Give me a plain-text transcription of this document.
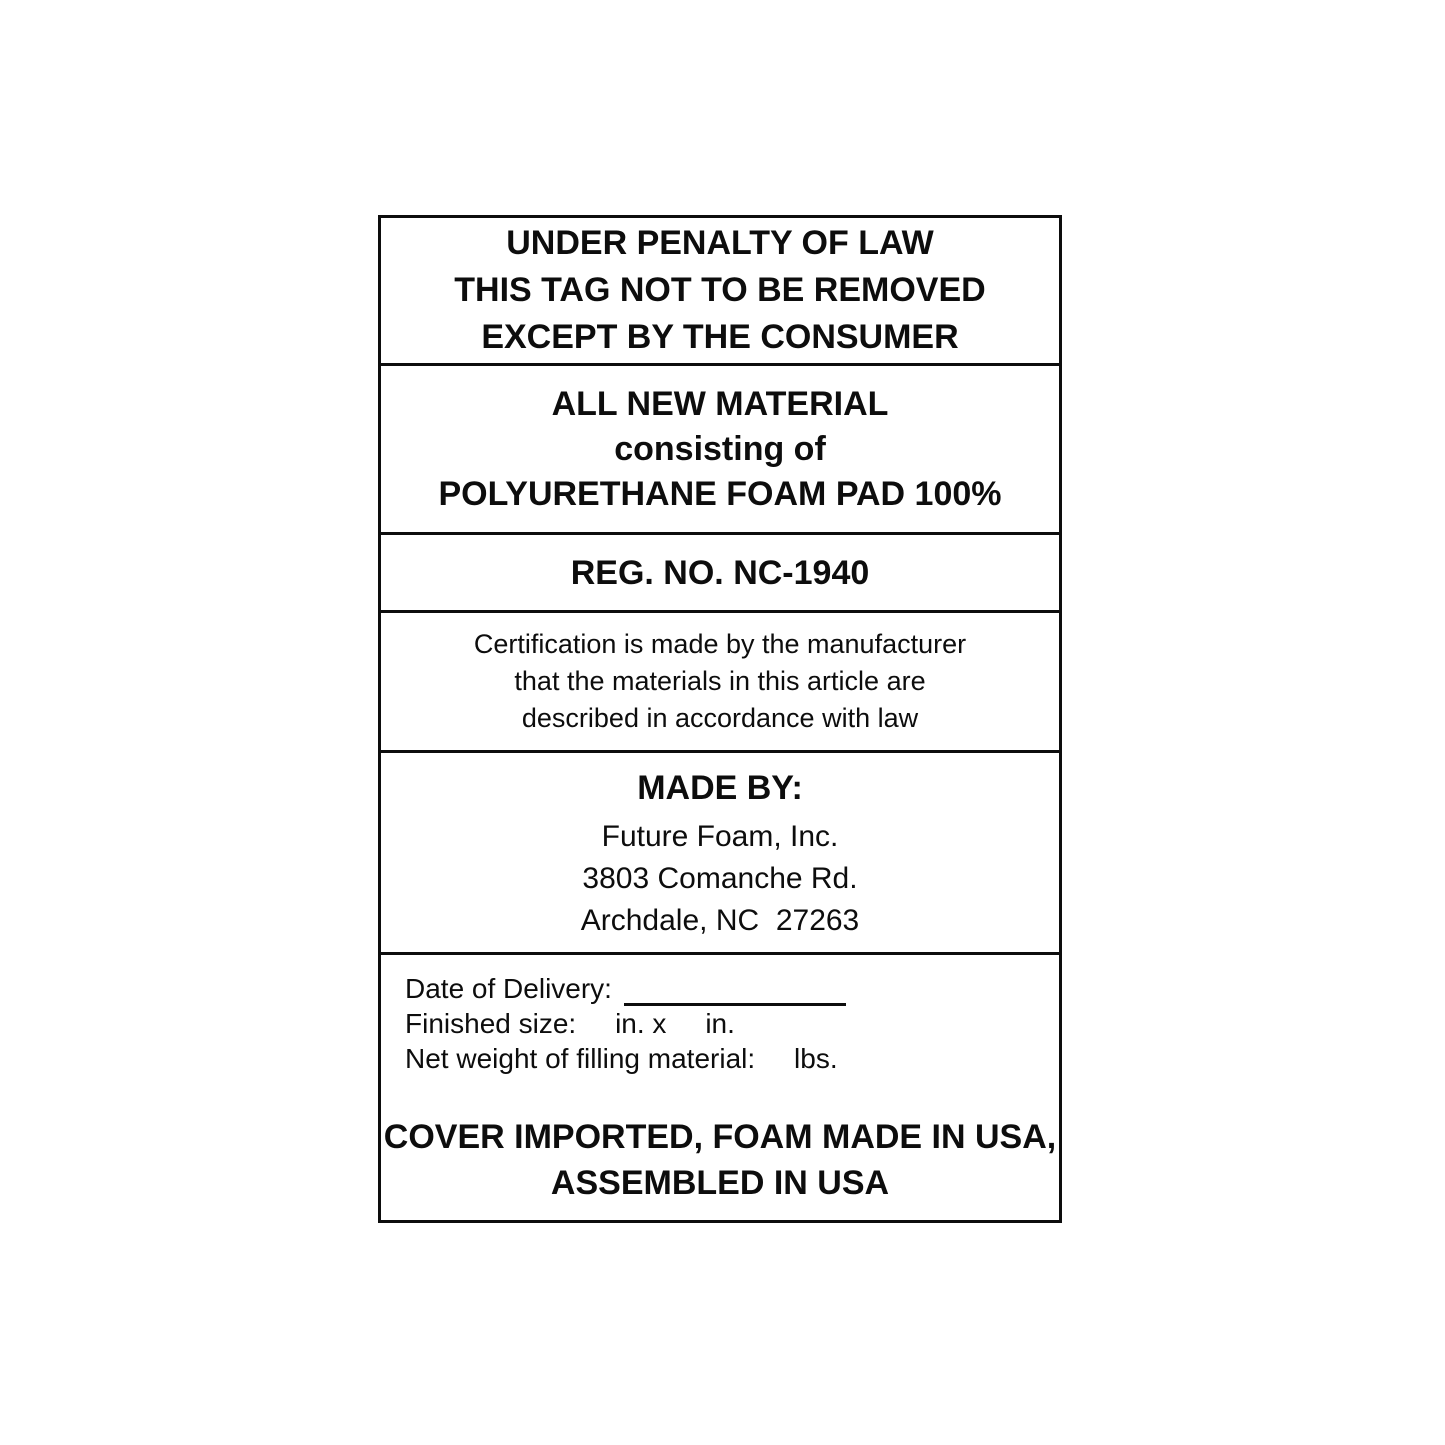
UNDER PENALTY OF LAW
THIS TAG NOT TO BE REMOVED
EXCEPT BY THE CONSUMER
ALL NEW MATERIAL
consisting of
POLYURETHANE FOAM PAD 100%
REG. NO. NC-1940
Certification is made by the manufacturer
that the materials in this article are
described in accordance with law
MADE BY:
Future Foam, Inc.
3803 Comanche Rd.
Archdale, NC  27263
Date of Delivery:
Finished size:     in. x     in.
Net weight of filling material:     lbs.
COVER IMPORTED, FOAM MADE IN USA,
ASSEMBLED IN USA
